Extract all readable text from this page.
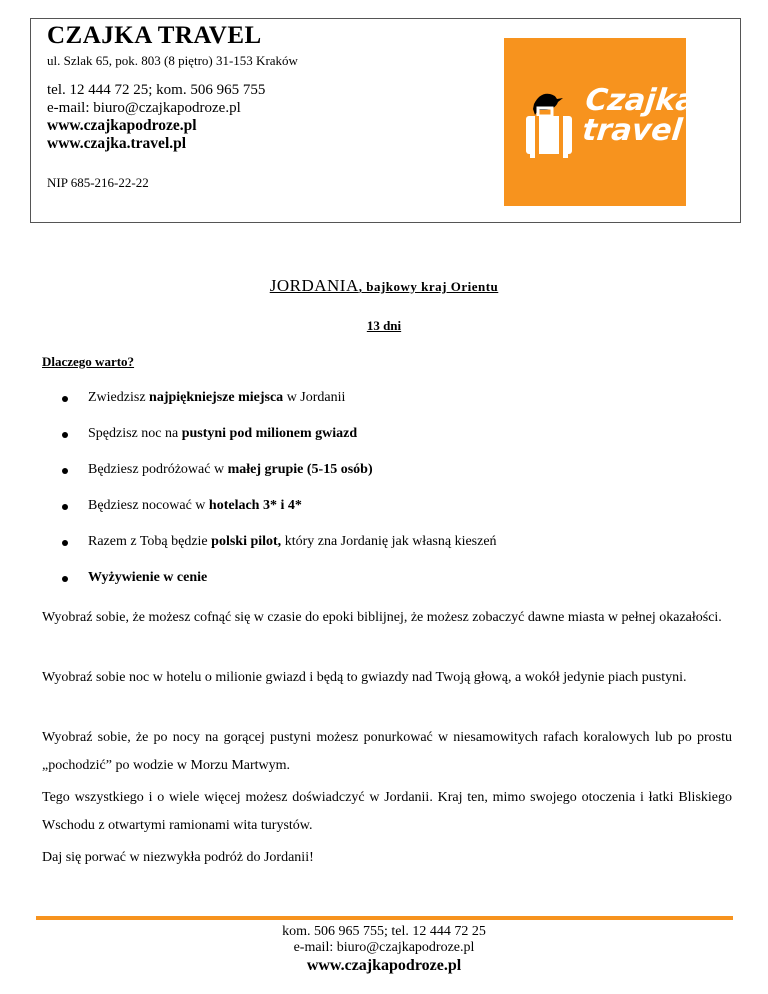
CZAJKA TRAVEL
ul. Szlak 65, pok. 803 (8 piętro) 31-153 Kraków
tel. 12 444 72 25; kom. 506 965 755
e-mail: biuro@czajkapodroze.pl
www.czajkapodroze.pl
www.czajka.travel.pl
NIP 685-216-22-22
Czajka
travel
JORDANIA, bajkowy kraj Orientu
13 dni
Dlaczego warto?
Zwiedzisz najpiękniejsze miejsca w Jordanii
Spędzisz noc na pustyni pod milionem gwiazd
Będziesz podróżować w małej grupie (5-15 osób)
Będziesz nocować w hotelach 3* i 4*
Razem z Tobą będzie polski pilot, który zna Jordanię jak własną kieszeń
Wyżywienie w cenie
Wyobraź sobie, że możesz cofnąć się w czasie do epoki biblijnej, że możesz zobaczyć dawne miasta w pełnej okazałości.
Wyobraź sobie noc w hotelu o milionie gwiazd i będą to gwiazdy nad Twoją głową, a wokół jedynie piach pustyni.
Wyobraź sobie, że po nocy na gorącej pustyni możesz ponurkować w niesamowitych rafach koralowych lub po prostu „pochodzić” po wodzie w Morzu Martwym.
Tego wszystkiego i o wiele więcej możesz doświadczyć w Jordanii. Kraj ten, mimo swojego otoczenia i łatki Bliskiego Wschodu z otwartymi ramionami wita turystów.
Daj się porwać w niezwykła podróż do Jordanii!
kom. 506 965 755; tel. 12 444 72 25
e-mail: biuro@czajkapodroze.pl
www.czajkapodroze.pl
